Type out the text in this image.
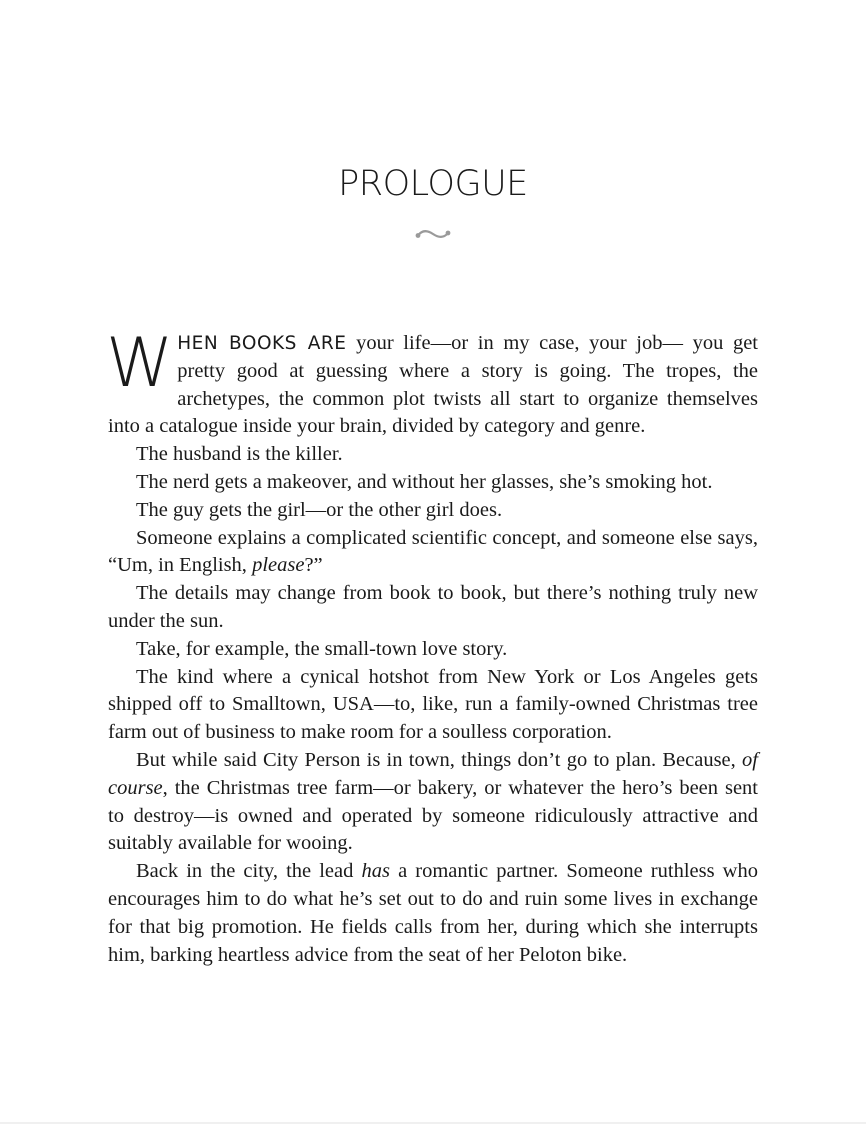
PROLOGUE

WHEN BOOKS ARE your life—or in my case, your job— you get pretty good at guessing where a story is going. The tropes, the archetypes, the common plot twists all start to organize themselves into a catalogue inside your brain, divided by category and genre.

The husband is the killer.

The nerd gets a makeover, and without her glasses, she’s smoking hot.

The guy gets the girl—or the other girl does.

Someone explains a complicated scientific concept, and someone else says, “Um, in English, please?”

The details may change from book to book, but there’s nothing truly new under the sun.

Take, for example, the small-town love story.

The kind where a cynical hotshot from New York or Los Angeles gets shipped off to Smalltown, USA—to, like, run a family-owned Christmas tree farm out of business to make room for a soulless corporation.

But while said City Person is in town, things don’t go to plan. Because, of course, the Christmas tree farm—or bakery, or whatever the hero’s been sent to destroy—is owned and operated by someone ridiculously attractive and suitably available for wooing.

Back in the city, the lead has a romantic partner. Someone ruthless who encourages him to do what he’s set out to do and ruin some lives in exchange for that big promotion. He fields calls from her, during which she interrupts him, barking heartless advice from the seat of her Peloton bike.
